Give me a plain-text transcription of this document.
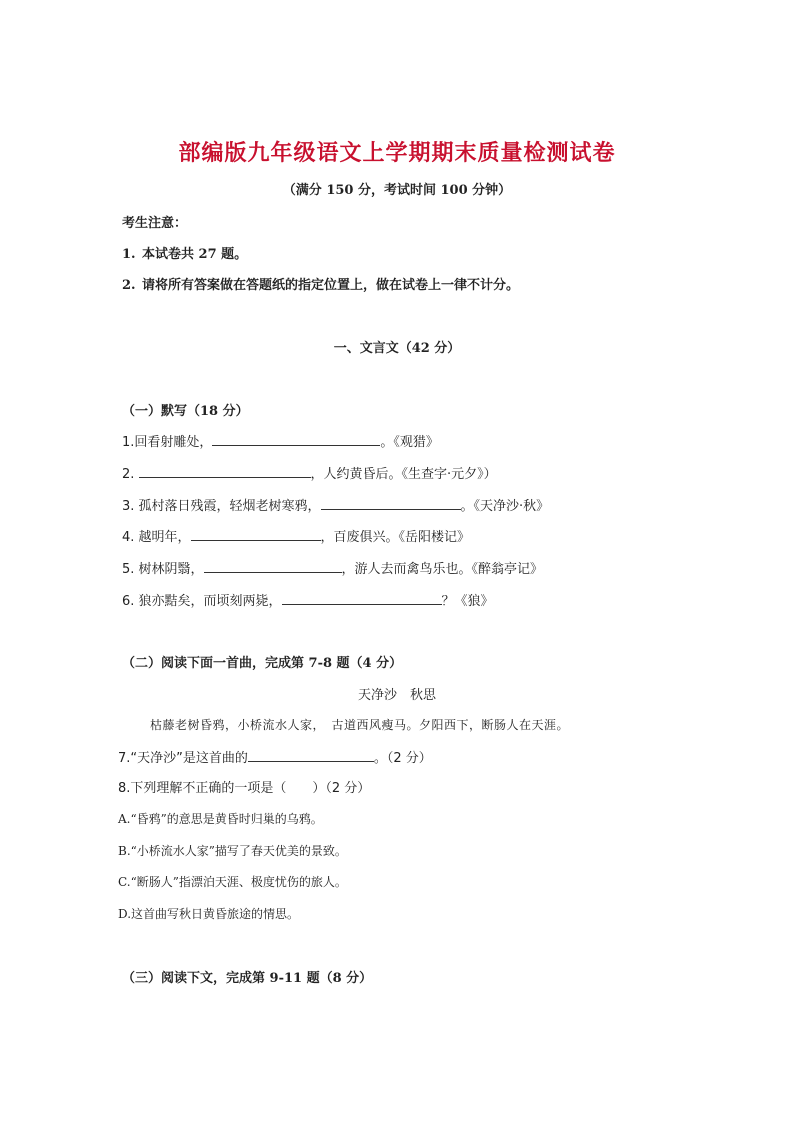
部编版九年级语文上学期期末质量检测试卷
（满分 150 分，考试时间 100 分钟）
考生注意：
1. 本试卷共 27 题。
2. 请将所有答案做在答题纸的指定位置上，做在试卷上一律不计分。
一、文言文（42 分）
（一）默写（18 分）
1.回看射雕处，	。《观猎》
2.	，人约黄昏后。《生查字·元夕》）
3. 孤村落日残霞，轻烟老树寒鸦，	。《天净沙·秋》
4. 越明年，	，百废俱兴。《岳阳楼记》
5. 树林阴翳，	，游人去而禽鸟乐也。《醉翁亭记》
6. 狼亦黠矣，而顷刻两毙，	？《狼》
（二）阅读下面一首曲，完成第 7-8 题（4 分）
天净沙　秋思
枯藤老树昏鸦，小桥流水人家，　古道西风瘦马。夕阳西下，断肠人在天涯。
7.“天净沙”是这首曲的	。（2 分）
8.下列理解不正确的一项是（　　）（2 分）
A.“昏鸦”的意思是黄昏时归巢的乌鸦。
B.“小桥流水人家”描写了春天优美的景致。
C.“断肠人”指漂泊天涯、极度忧伤的旅人。
D.这首曲写秋日黄昏旅途的情思。
（三）阅读下文，完成第 9-11 题（8 分）
